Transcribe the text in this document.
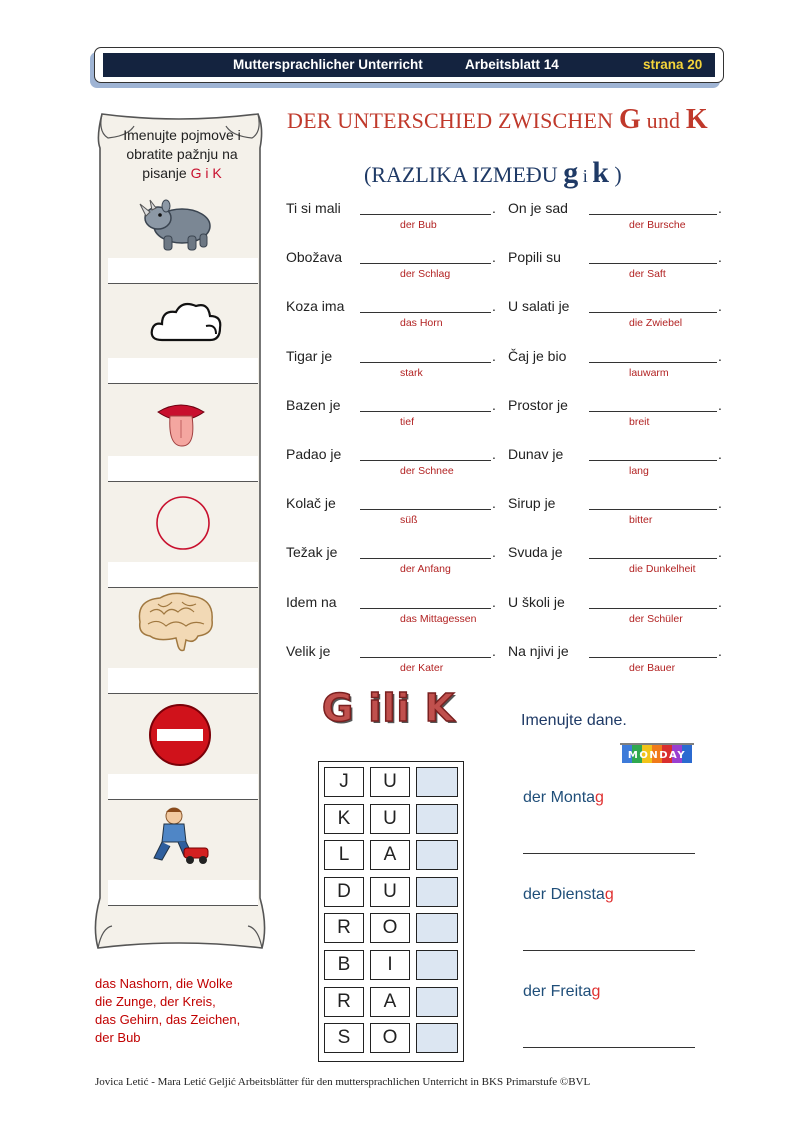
Muttersprachlicher Unterricht	Arbeitsblatt 14	strana 20
Imenujte pojmove i obratite pažnju na pisanje G i K
das Nashorn, die Wolke
die Zunge, der Kreis,
das Gehirn, das Zeichen,
der Bub
DER UNTERSCHIED ZWISCHEN G und K
(RAZLIKA IZMEĐU g i k )
Ti si mali	.
der Bub
Obožava	.
der Schlag
Koza ima	.
das Horn
Tigar je	.
stark
Bazen je	.
tief
Padao je	.
der Schnee
Kolač je	.
süß
Težak je	.
der Anfang
Idem na	.
das Mittagessen
Velik je	.
der Kater
On je sad	.
der Bursche
Popili su	.
der Saft
U salati je	.
die Zwiebel
Čaj je bio	.
lauwarm
Prostor je	.
breit
Dunav je	.
lang
Sirup je	.
bitter
Svuda je	.
die Dunkelheit
U školi je	.
der Schüler
Na njivi je	.
der Bauer
G ili K
J	U
K	U
L	A
D	U
R	O
B	I
R	A
S	O
Imenujte dane.
MONDAY
der Montag
der Dienstag
der Freitag
Jovica Letić - Mara Letić Geljić Arbeitsblätter für den muttersprachlichen Unterricht in BKS Primarstufe ©BVL
